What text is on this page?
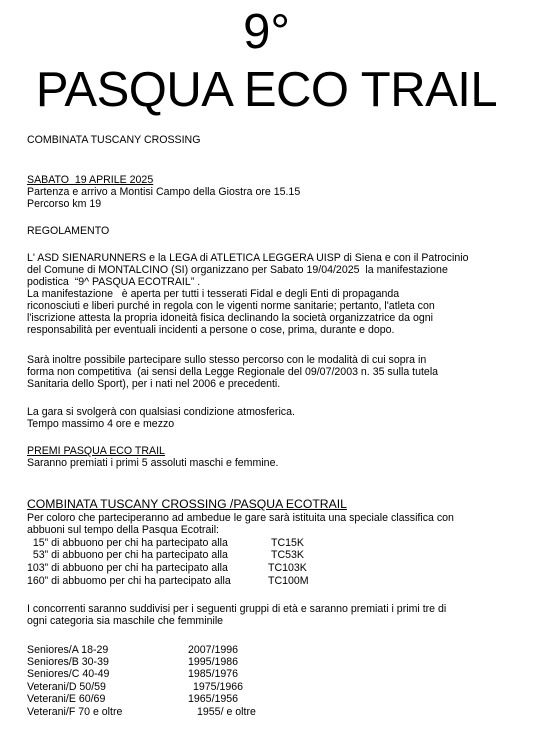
9°
PASQUA ECO TRAIL
COMBINATA TUSCANY CROSSING
SABATO  19 APRILE 2025
Partenza e arrivo a Montisi Campo della Giostra ore 15.15
Percorso km 19
REGOLAMENTO
L' ASD SIENARUNNERS e la LEGA di ATLETICA LEGGERA UISP di Siena e con il Patrocinio
del Comune di MONTALCINO (SI) organizzano per Sabato 19/04/2025  la manifestazione
podistica  “9^ PASQUA ECOTRAIL” .
La manifestazione   è aperta per tutti i tesserati Fidal e degli Enti di propaganda
riconosciuti e liberi purché in regola con le vigenti norme sanitarie; pertanto, l'atleta con
l'iscrizione attesta la propria idoneità fisica declinando la società organizzatrice da ogni
responsabilità per eventuali incidenti a persone o cose, prima, durante e dopo.
Sarà inoltre possibile partecipare sullo stesso percorso con le modalità di cui sopra in
forma non competitiva  (ai sensi della Legge Regionale del 09/07/2003 n. 35 sulla tutela
Sanitaria dello Sport), per i nati nel 2006 e precedenti.
La gara si svolgerà con qualsiasi condizione atmosferica.
Tempo massimo 4 ore e mezzo
PREMI PASQUA ECO TRAIL
Saranno premiati i primi 5 assoluti maschi e femmine.
COMBINATA TUSCANY CROSSING /PASQUA ECOTRAIL
Per coloro che parteciperanno ad ambedue le gare sarà istituita una speciale classifica con
abbuoni sul tempo della Pasqua Ecotrail:
15” di abbuono per chi ha partecipato alla	TC15K
53” di abbuono per chi ha partecipato alla	TC53K
103” di abbuono per chi ha partecipato alla	TC103K
160” di abbuomo per chi ha partecipato alla	TC100M
I concorrenti saranno suddivisi per i seguenti gruppi di età e saranno premiati i primi tre di
ogni categoria sia maschile che femminile
Seniores/A 18-29	2007/1996
Seniores/B 30-39	1995/1986
Seniores/C 40-49	1985/1976
Veterani/D 50/59	1975/1966
Veterani/E 60/69	1965/1956
Veterani/F 70 e oltre	1955/ e oltre
